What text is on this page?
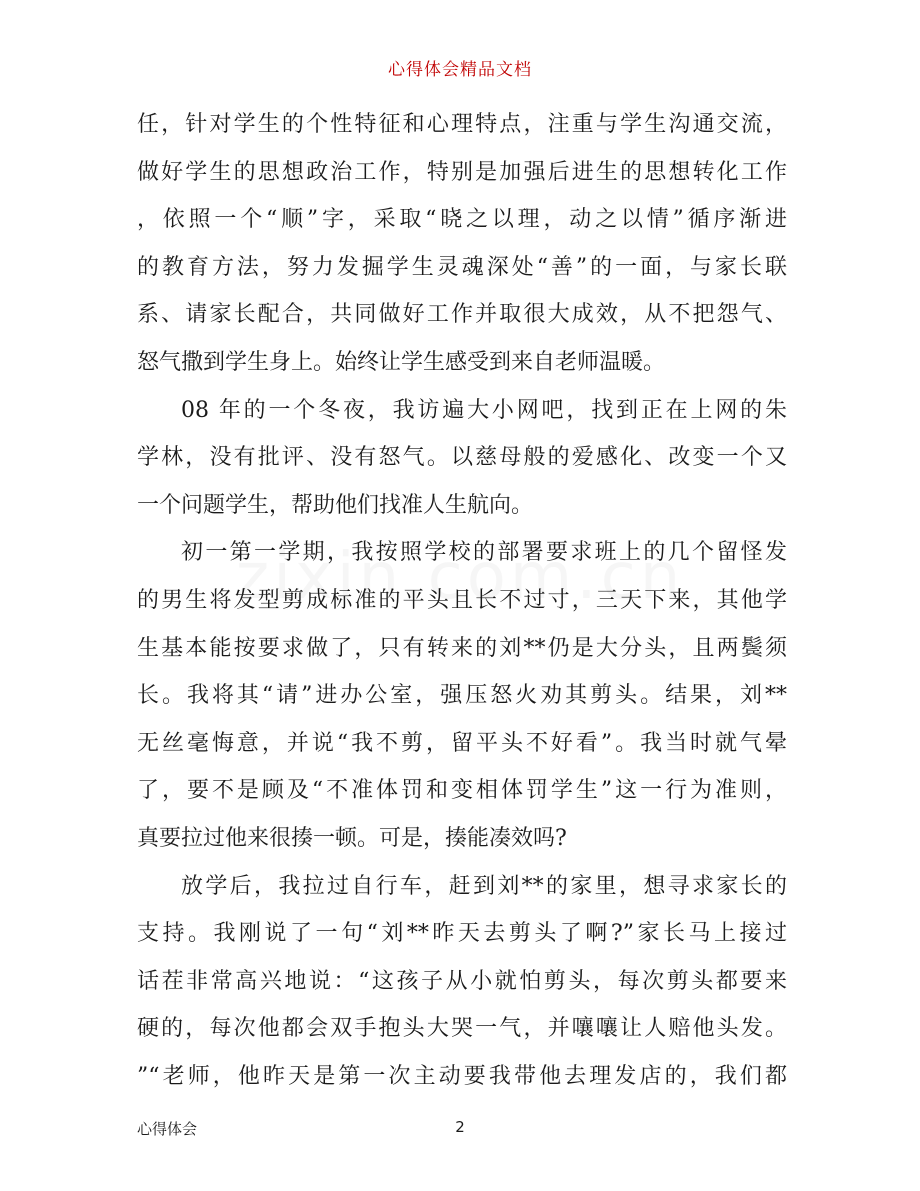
心得体会精品文档
任，针对学生的个性特征和心理特点，注重与学生沟通交流，
做好学生的思想政治工作，特别是加强后进生的思想转化工作
，依照一个“顺”字，采取“晓之以理，动之以情”循序渐进
的教育方法，努力发掘学生灵魂深处“善”的一面，与家长联
系、请家长配合，共同做好工作并取很大成效，从不把怨气、
怒气撒到学生身上。始终让学生感受到来自老师温暖。
08 年的一个冬夜，我访遍大小网吧，找到正在上网的朱
学林，没有批评、没有怒气。以慈母般的爱感化、改变一个又
一个问题学生，帮助他们找准人生航向。
初一第一学期，我按照学校的部署要求班上的几个留怪发
的男生将发型剪成标准的平头且长不过寸，三天下来，其他学
生基本能按要求做了，只有转来的刘**仍是大分头，且两鬓须
长。我将其“请”进办公室，强压怒火劝其剪头。结果，刘**
无丝毫悔意，并说“我不剪，留平头不好看”。我当时就气晕
了，要不是顾及“不准体罚和变相体罚学生”这一行为准则，
真要拉过他来很揍一顿。可是，揍能凑效吗?
放学后，我拉过自行车，赶到刘**的家里，想寻求家长的
支持。我刚说了一句“刘**昨天去剪头了啊?”家长马上接过
话茬非常高兴地说：“这孩子从小就怕剪头，每次剪头都要来
硬的，每次他都会双手抱头大哭一气，并嚷嚷让人赔他头发。
”“老师，他昨天是第一次主动要我带他去理发店的，我们都
心得体会	2
